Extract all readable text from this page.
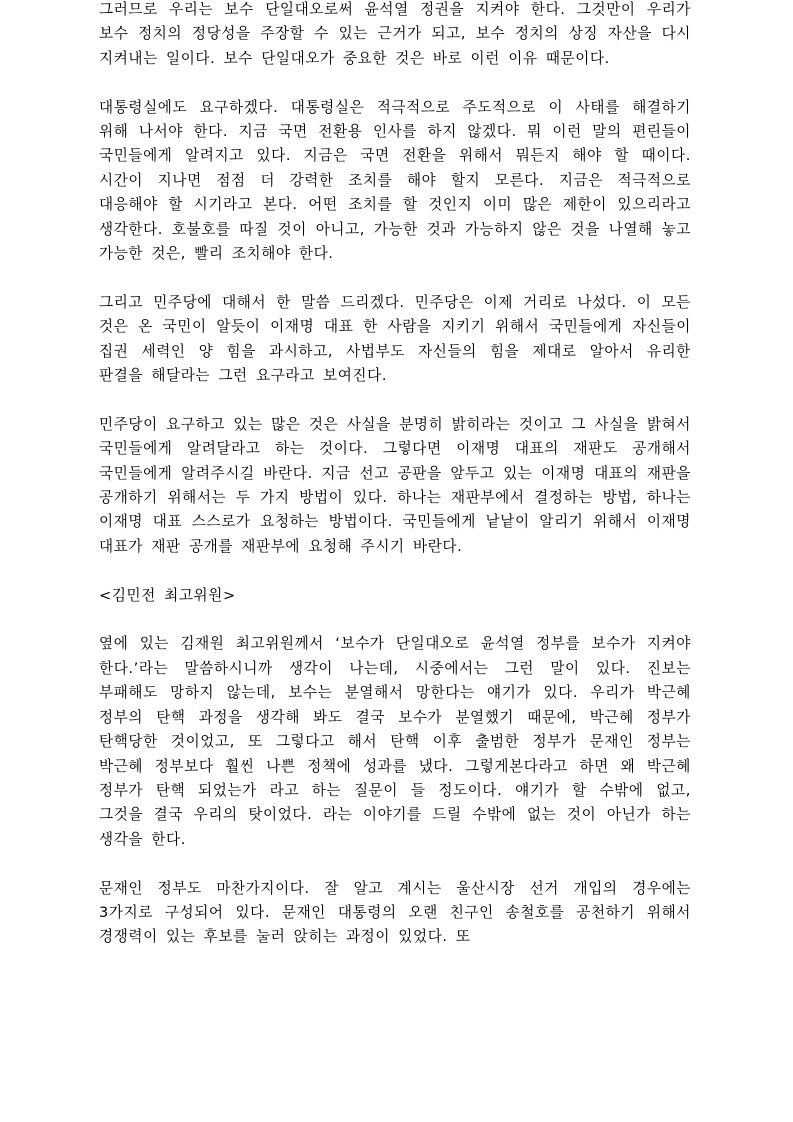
그러므로 우리는 보수 단일대오로써 윤석열 정권을 지켜야 한다. 그것만이 우리가 보수 정치의 정당성을 주장할 수 있는 근거가 되고, 보수 정치의 상징 자산을 다시 지켜내는 일이다. 보수 단일대오가 중요한 것은 바로 이런 이유 때문이다.

대통령실에도 요구하겠다. 대통령실은 적극적으로 주도적으로 이 사태를 해결하기 위해 나서야 한다. 지금 국면 전환용 인사를 하지 않겠다. 뭐 이런 말의 편린들이 국민들에게 알려지고 있다. 지금은 국면 전환을 위해서 뭐든지 해야 할 때이다. 시간이 지나면 점점 더 강력한 조치를 해야 할지 모른다. 지금은 적극적으로 대응해야 할 시기라고 본다. 어떤 조치를 할 것인지 이미 많은 제한이 있으리라고 생각한다. 호불호를 따질 것이 아니고, 가능한 것과 가능하지 않은 것을 나열해 놓고 가능한 것은, 빨리 조치해야 한다.

그리고 민주당에 대해서 한 말씀 드리겠다. 민주당은 이제 거리로 나섰다. 이 모든 것은 온 국민이 알듯이 이재명 대표 한 사람을 지키기 위해서 국민들에게 자신들이 집권 세력인 양 힘을 과시하고, 사법부도 자신들의 힘을 제대로 알아서 유리한 판결을 해달라는 그런 요구라고 보여진다.

민주당이 요구하고 있는 많은 것은 사실을 분명히 밝히라는 것이고 그 사실을 밝혀서 국민들에게 알려달라고 하는 것이다. 그렇다면 이재명 대표의 재판도 공개해서 국민들에게 알려주시길 바란다. 지금 선고 공판을 앞두고 있는 이재명 대표의 재판을 공개하기 위해서는 두 가지 방법이 있다. 하나는 재판부에서 결정하는 방법, 하나는 이재명 대표 스스로가 요청하는 방법이다. 국민들에게 낱낱이 알리기 위해서 이재명 대표가 재판 공개를 재판부에 요청해 주시기 바란다.

<김민전 최고위원>

옆에 있는 김재원 최고위원께서 ‘보수가 단일대오로 윤석열 정부를 보수가 지켜야 한다.’라는 말씀하시니까 생각이 나는데, 시중에서는 그런 말이 있다. 진보는 부패해도 망하지 않는데, 보수는 분열해서 망한다는 얘기가 있다. 우리가 박근혜 정부의 탄핵 과정을 생각해 봐도 결국 보수가 분열했기 때문에, 박근혜 정부가 탄핵당한 것이었고, 또 그렇다고 해서 탄핵 이후 출범한 정부가 문재인 정부는 박근혜 정부보다 훨씬 나쁜 정책에 성과를 냈다. 그렇게본다라고 하면 왜 박근혜 정부가 탄핵 되었는가 라고 하는 질문이 들 정도이다. 얘기가 할 수밖에 없고, 그것을 결국 우리의 탓이었다. 라는 이야기를 드릴 수밖에 없는 것이 아닌가 하는 생각을 한다.

문재인 정부도 마찬가지이다. 잘 알고 계시는 울산시장 선거 개입의 경우에는 3가지로 구성되어 있다. 문재인 대통령의 오랜 친구인 송철호를 공천하기 위해서 경쟁력이 있는 후보를 눌러 앉히는 과정이 있었다. 또
